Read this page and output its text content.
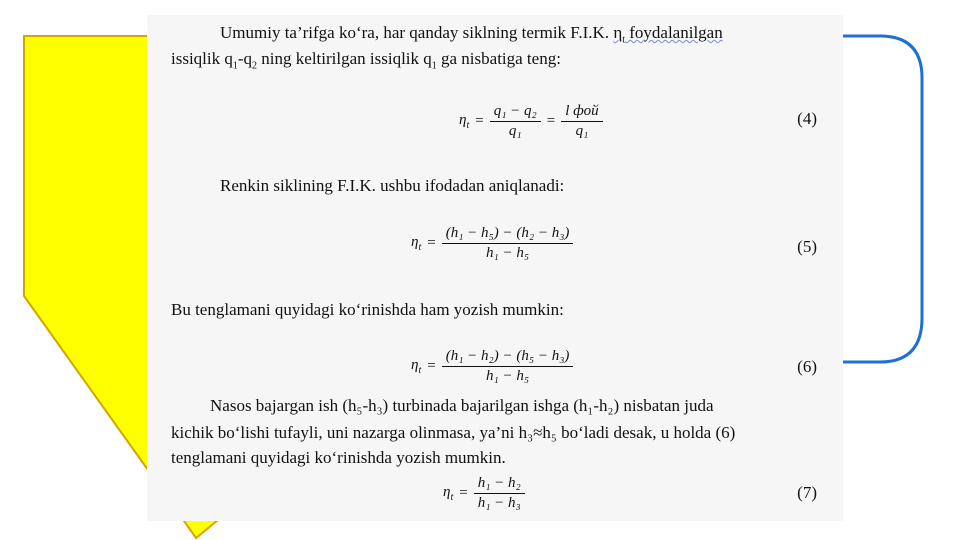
Umumiy ta’rifga ko‘ra, har qanday siklning termik F.I.K. $\eta_t$ foydalanilgan
issiqlik $q_1-q_2$ ning keltirilgan issiqlik $q_1$ ga nisbatiga teng:
$\eta_t = \frac{\text{q₁ − q₂}}{\text{q₁}} = \frac{\text{l фой}}{\text{q₁}}$	(4)
Renkin siklining F.I.K. ushbu ifodadan aniqlanadi:
$\eta_t = \frac{\text{(h₁ − h₅) − (h₂ − h₃)}}{\text{h₁ − h₅}}$	(5)
Bu tenglamani quyidagi ko‘rinishda ham yozish mumkin:
$\eta_t = \frac{\text{(h₁ − h₂) − (h₅ − h₃)}}{\text{h₁ − h₅}}$	(6)
Nasos bajargan ish (h₅-h₃) turbinada bajarilgan ishga (h₁-h₂) nisbatan juda
kichik bo‘lishi tufayli, uni nazarga olinmasa, ya’ni h₃≈h₅ bo‘ladi desak, u holda (6)
tenglamani quyidagi ko‘rinishda yozish mumkin.
$\eta_t = \frac{\text{h₁ − h₂}}{\text{h₁ − h₃}}$	(7)
